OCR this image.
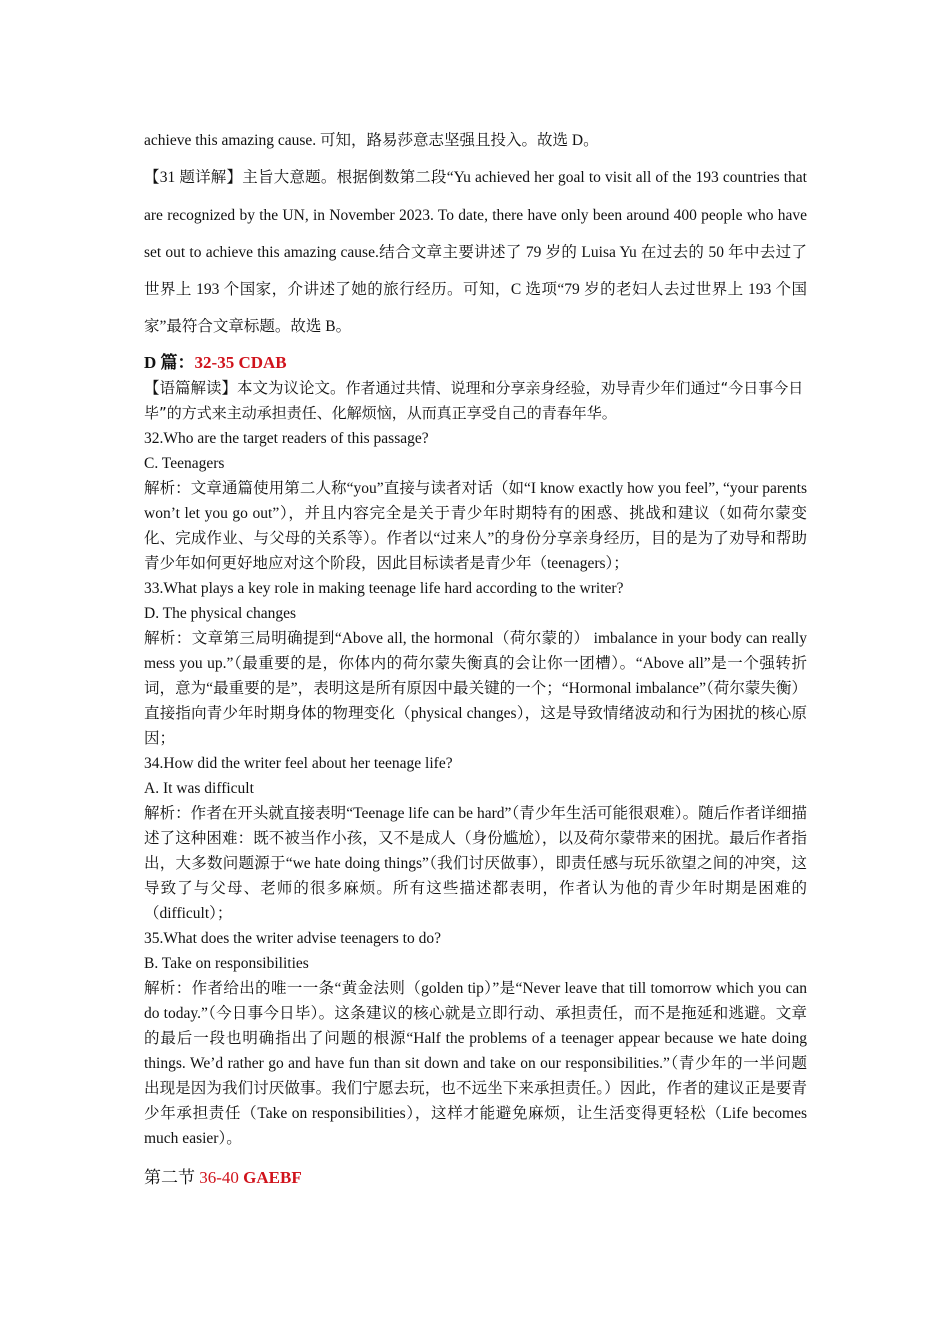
achieve this amazing cause. 可知，路易莎意志坚强且投入。故选 D。

【31 题详解】主旨大意题。根据倒数第二段“Yu achieved her goal to visit all of the 193 countries that are recognized by the UN, in November 2023. To date, there have only been around 400 people who have set out to achieve this amazing cause.结合文章主要讲述了 79 岁的 Luisa Yu 在过去的 50 年中去过了世界上 193 个国家，介讲述了她的旅行经历。可知，C 选项“79 岁的老妇人去过世界上 193 个国家”最符合文章标题。故选 B。

D 篇：32-35 CDAB

【语篇解读】本文为议论文。作者通过共情、说理和分享亲身经验，劝导青少年们通过“今日事今日毕”的方式来主动承担责任、化解烦恼，从而真正享受自己的青春年华。

32.Who are the target readers of this passage?

C. Teenagers

解析：文章通篇使用第二人称“you”直接与读者对话（如“I know exactly how you feel”, “your parents won’t let you go out”），并且内容完全是关于青少年时期特有的困惑、挑战和建议（如荷尔蒙变化、完成作业、与父母的关系等）。作者以“过来人”的身份分享亲身经历，目的是为了劝导和帮助青少年如何更好地应对这个阶段，因此目标读者是青少年（teenagers）；

33.What plays a key role in making teenage life hard according to the writer?

D. The physical changes

解析：文章第三局明确提到“Above all, the hormonal（荷尔蒙的） imbalance in your body can really mess you up.”（最重要的是，你体内的荷尔蒙失衡真的会让你一团槽）。“Above all”是一个强转折词，意为“最重要的是”，表明这是所有原因中最关键的一个；“Hormonal imbalance”（荷尔蒙失衡）直接指向青少年时期身体的物理变化（physical changes），这是导致情绪波动和行为困扰的核心原因；

34.How did the writer feel about her teenage life?

A. It was difficult

解析：作者在开头就直接表明“Teenage life can be hard”（青少年生活可能很艰难）。随后作者详细描述了这种困难：既不被当作小孩，又不是成人（身份尴尬），以及荷尔蒙带来的困扰。最后作者指出，大多数问题源于“we hate doing things”（我们讨厌做事），即责任感与玩乐欲望之间的冲突，这导致了与父母、老师的很多麻烦。所有这些描述都表明，作者认为他的青少年时期是困难的（difficult）；

35.What does the writer advise teenagers to do?

B. Take on responsibilities

解析：作者给出的唯一一条“黄金法则（golden tip）”是“Never leave that till tomorrow which you can do today.”（今日事今日毕）。这条建议的核心就是立即行动、承担责任，而不是拖延和逃避。文章的最后一段也明确指出了问题的根源“Half the problems of a teenager appear because we hate doing things. We’d rather go and have fun than sit down and take on our responsibilities.”（青少年的一半问题出现是因为我们讨厌做事。我们宁愿去玩，也不远坐下来承担责任。）因此，作者的建议正是要青少年承担责任（Take on responsibilities），这样才能避免麻烦，让生活变得更轻松（Life becomes much easier）。

第二节 36-40 GAEBF
